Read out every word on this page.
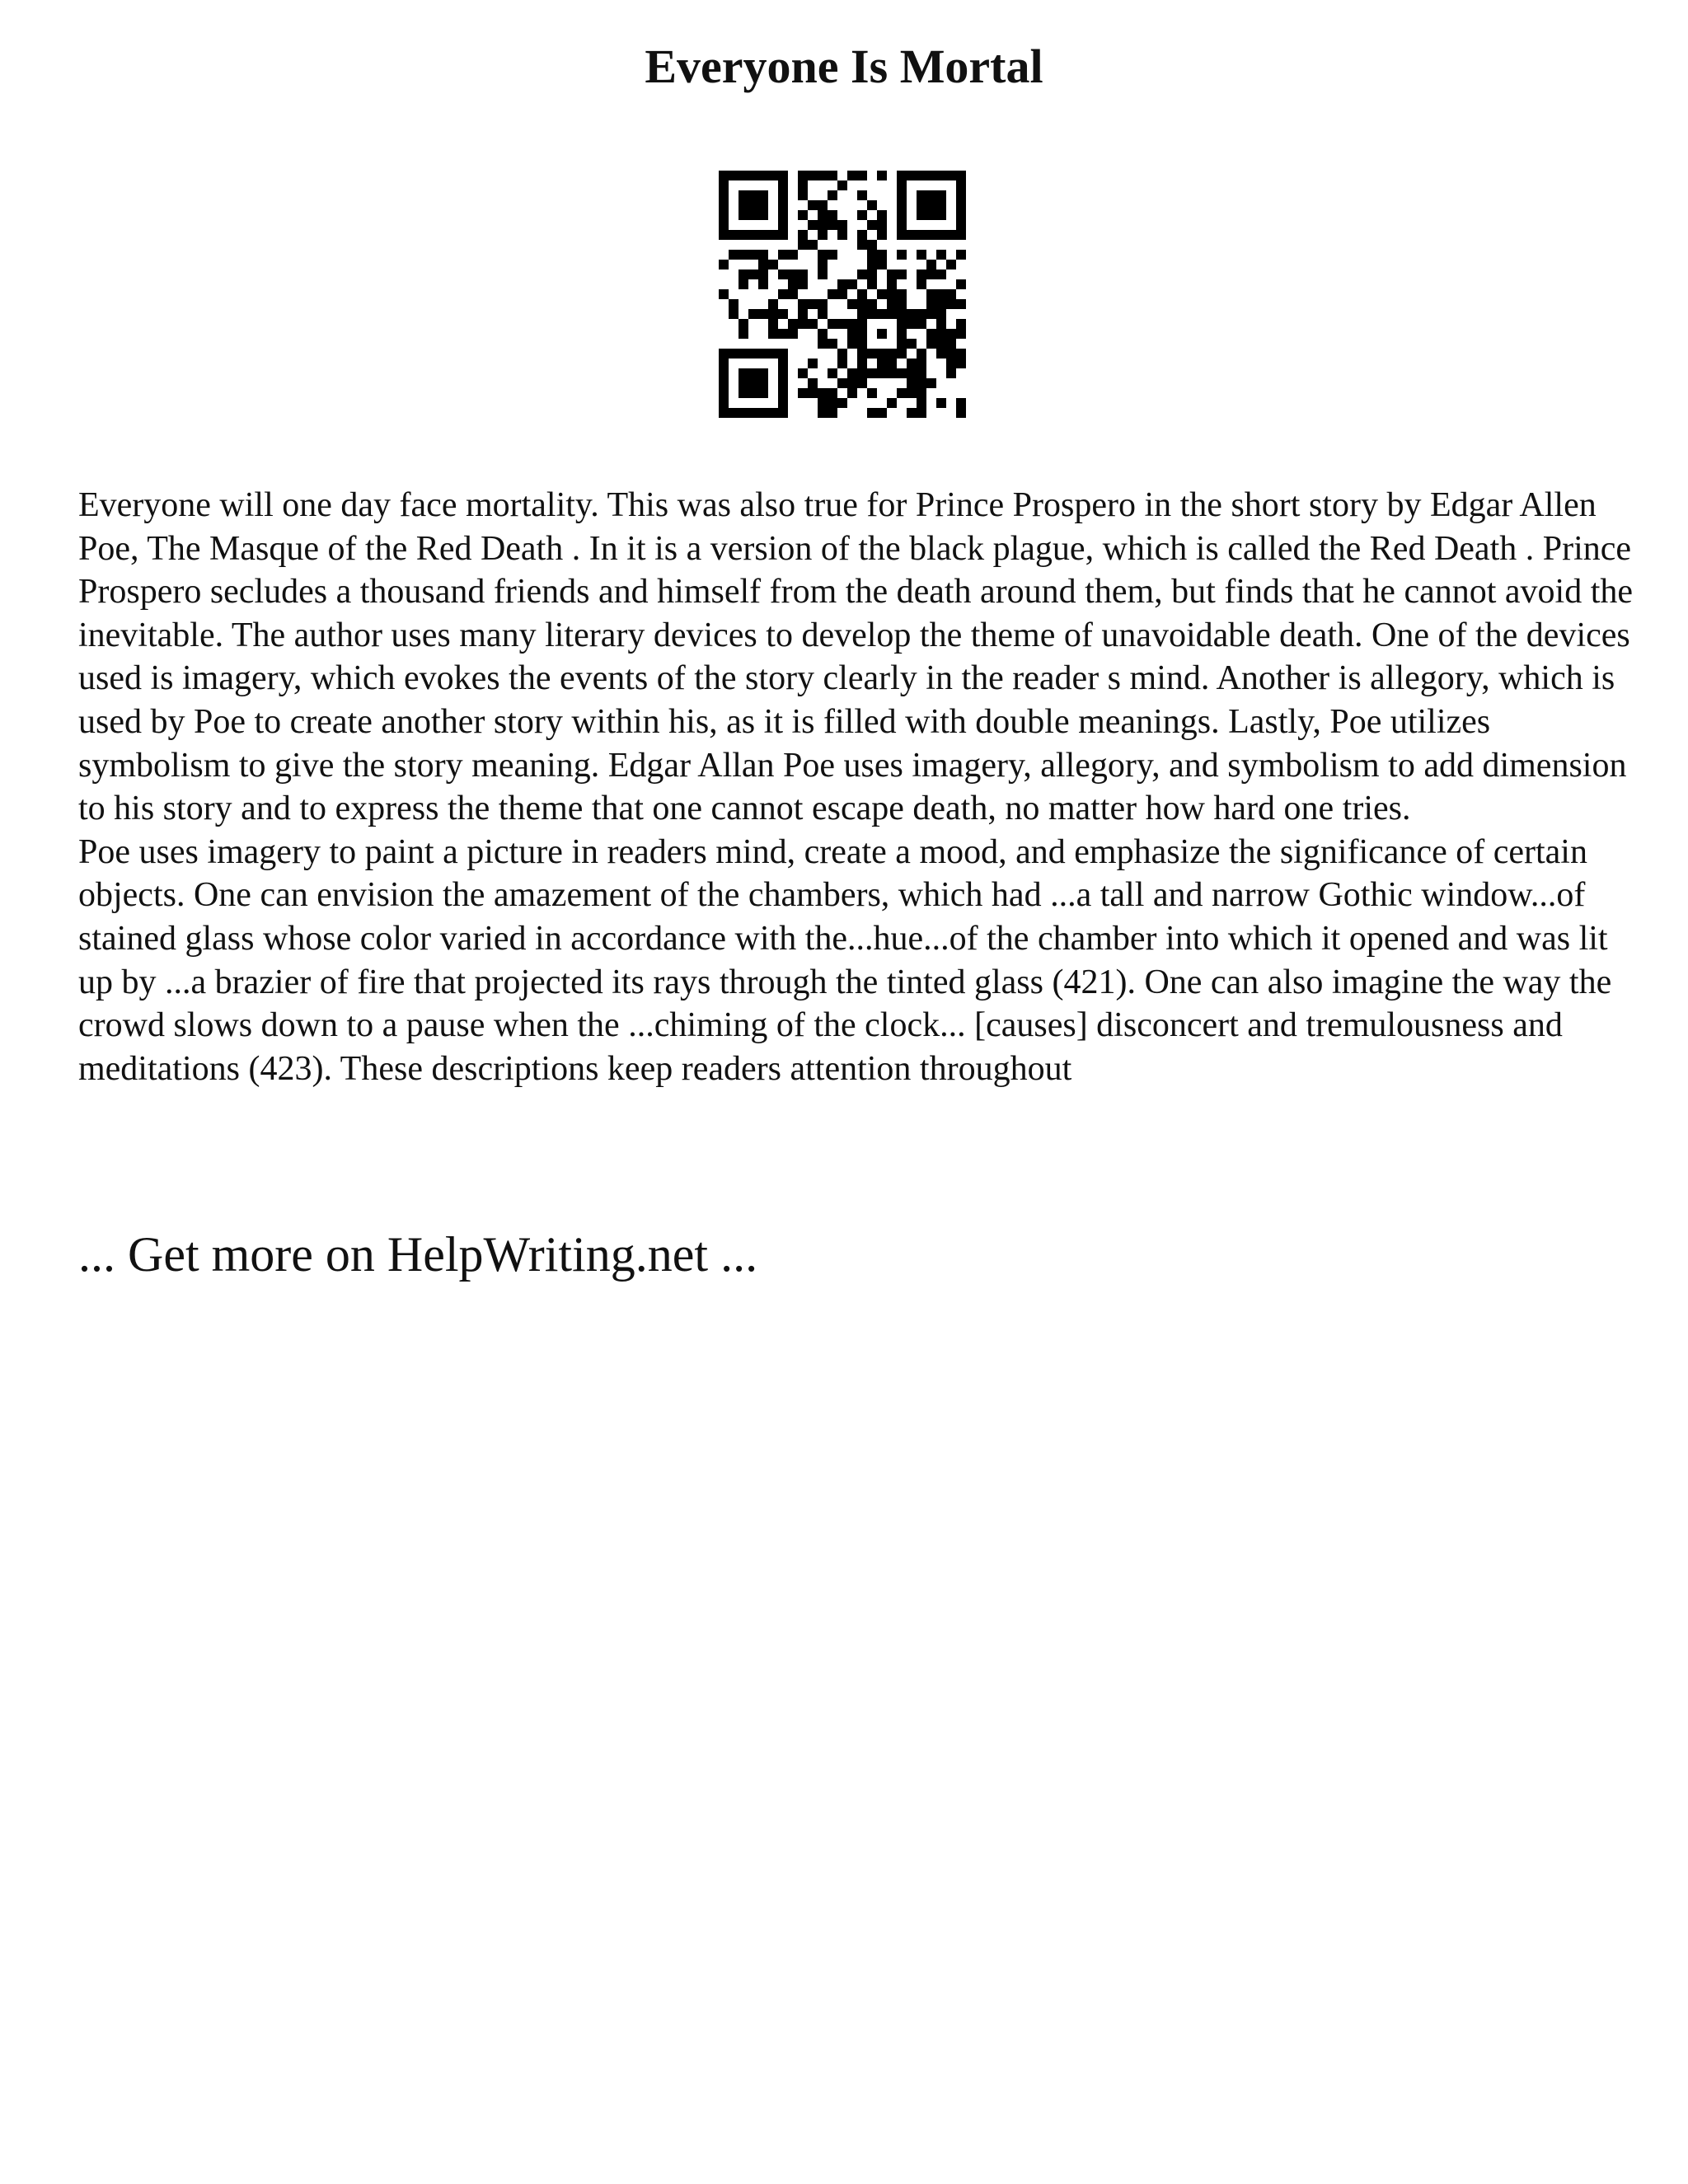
Everyone Is Mortal

Everyone will one day face mortality. This was also true for Prince Prospero in the short story by Edgar Allen Poe, The Masque of the Red Death . In it is a version of the black plague, which is called the Red Death . Prince Prospero secludes a thousand friends and himself from the death around them, but finds that he cannot avoid the inevitable. The author uses many literary devices to develop the theme of unavoidable death. One of the devices used is imagery, which evokes the events of the story clearly in the reader s mind. Another is allegory, which is used by Poe to create another story within his, as it is filled with double meanings. Lastly, Poe utilizes symbolism to give the story meaning. Edgar Allan Poe uses imagery, allegory, and symbolism to add dimension to his story and to express the theme that one cannot escape death, no matter how hard one tries.

Poe uses imagery to paint a picture in readers mind, create a mood, and emphasize the significance of certain objects. One can envision the amazement of the chambers, which had ...a tall and narrow Gothic window...of stained glass whose color varied in accordance with the...hue...of the chamber into which it opened and was lit up by ...a brazier of fire that projected its rays through the tinted glass (421). One can also imagine the way the crowd slows down to a pause when the ...chiming of the clock... [causes] disconcert and tremulousness and meditations (423). These descriptions keep readers attention throughout

... Get more on HelpWriting.net ...
